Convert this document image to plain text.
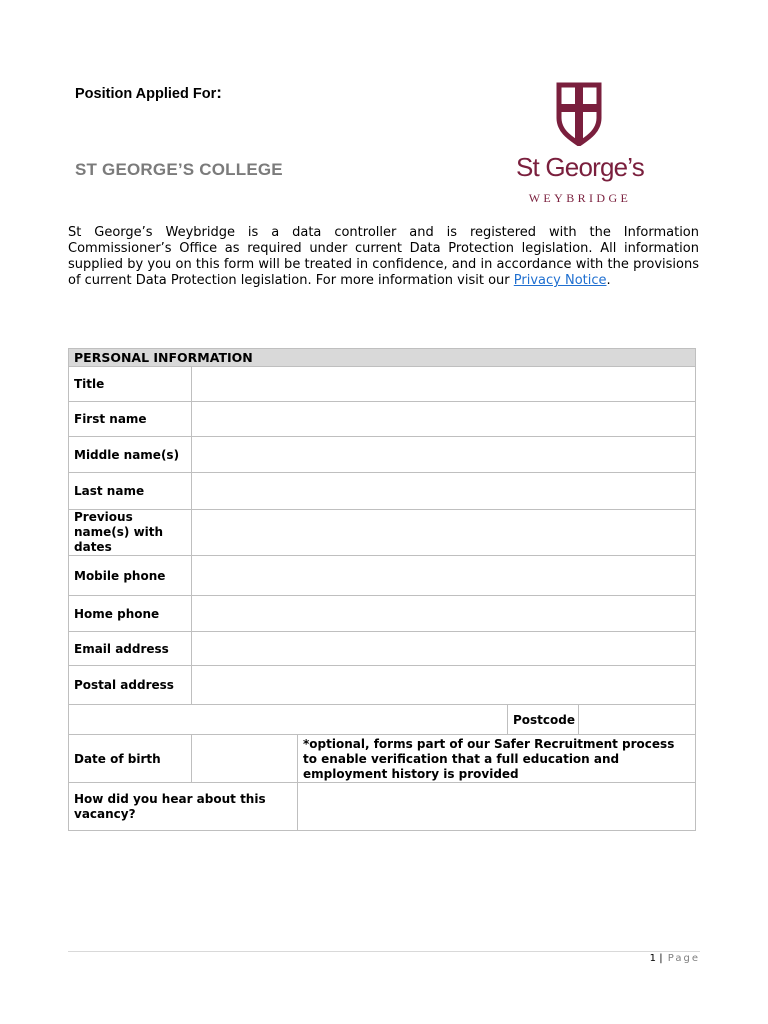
Position Applied For:
ST GEORGE’S COLLEGE	St George’s
WEYBRIDGE
St George’s Weybridge is a data controller and is registered with the Information Commissioner’s Office as required under current Data Protection legislation. All information supplied by you on this form will be treated in confidence, and in accordance with the provisions of current Data Protection legislation. For more information visit our Privacy Notice.
PERSONAL INFORMATION				
Title				
First name				
Middle name(s)				
Last name				
Previous name(s) with dates				
Mobile phone				
Home phone				
Email address				
Postal address				
			Postcode	
Date of birth		*optional, forms part of our Safer Recruitment process to enable verification that a full education and employment history is provided		
How did you hear about this vacancy?				
1 | Page
